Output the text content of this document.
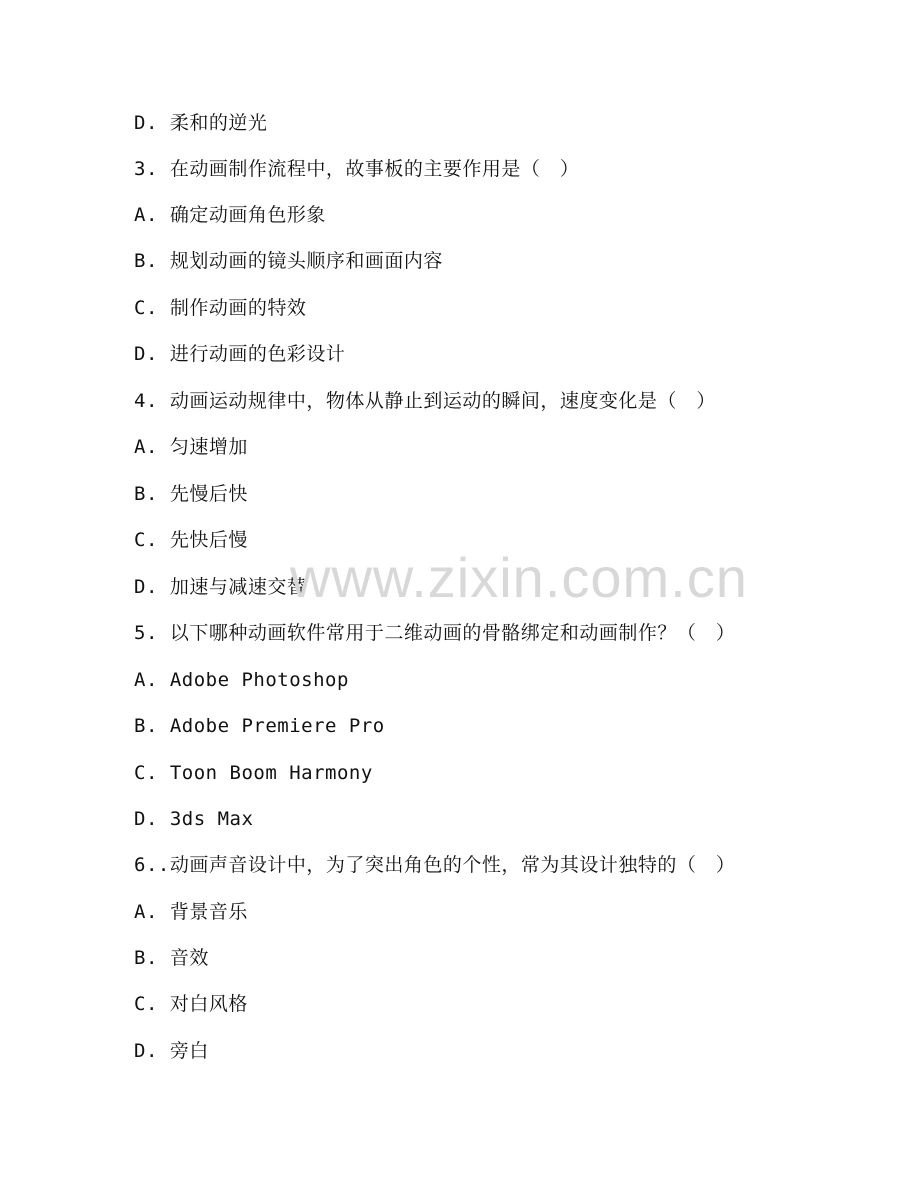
D. 柔和的逆光
3. 在动画制作流程中，故事板的主要作用是（　）
A. 确定动画角色形象
B. 规划动画的镜头顺序和画面内容
C. 制作动画的特效
D. 进行动画的色彩设计
4. 动画运动规律中，物体从静止到运动的瞬间，速度变化是（　）
A. 匀速增加
B. 先慢后快
C. 先快后慢
D. 加速与减速交替
5. 以下哪种动画软件常用于二维动画的骨骼绑定和动画制作？（　）
A. Adobe Photoshop
B. Adobe Premiere Pro
C. Toon Boom Harmony
D. 3ds Max
6..动画声音设计中，为了突出角色的个性，常为其设计独特的（　）
A. 背景音乐
B. 音效
C. 对白风格
D. 旁白
www.zixin.com.cn
